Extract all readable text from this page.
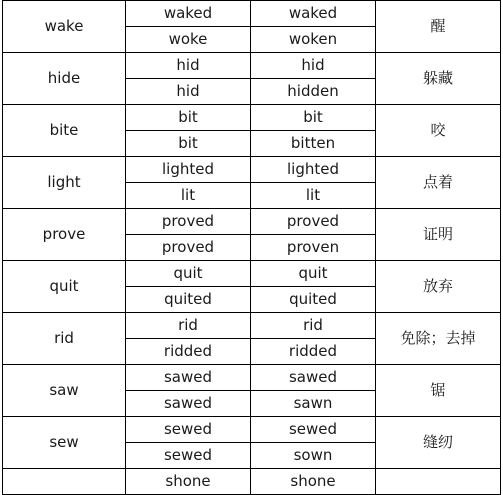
wake	waked	waked	醒
	woke	woken	
hide	hid	hid	躲藏
	hid	hidden	
bite	bit	bit	咬
	bit	bitten	
light	lighted	lighted	点着
	lit	lit	
prove	proved	proved	证明
	proved	proven	
quit	quit	quit	放弃
	quited	quited	
rid	rid	rid	免除；去掉
	ridded	ridded	
saw	sawed	sawed	锯
	sawed	sawn	
sew	sewed	sewed	缝纫
	sewed	sown	
	shone	shone	
